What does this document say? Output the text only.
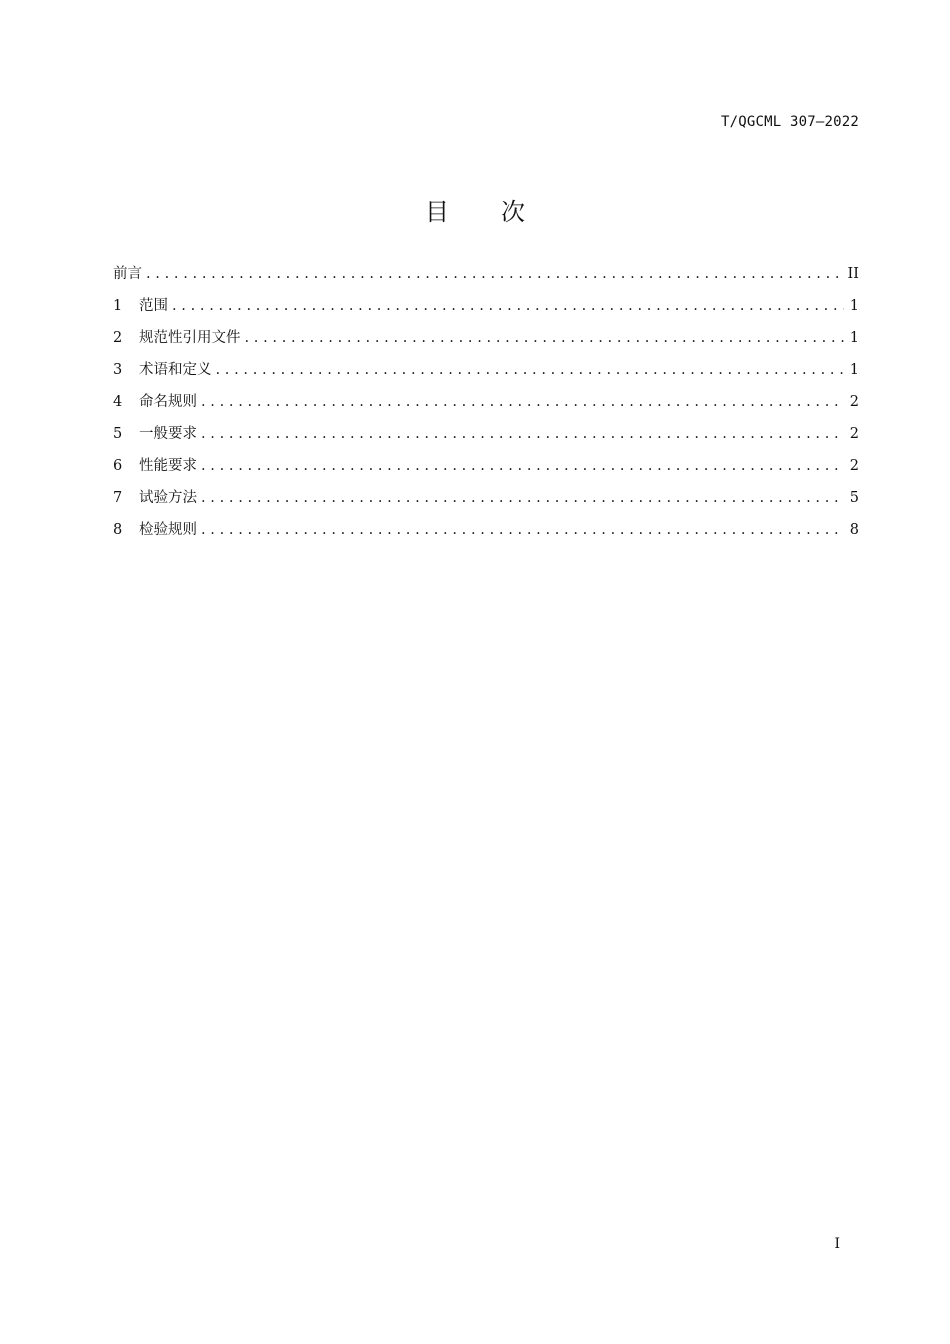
T/QGCML 307—2022
目次
前言 .....	II
1	范围 .....	1
2	规范性引用文件 .....	1
3	术语和定义 .....	1
4	命名规则 .....	2
5	一般要求 .....	2
6	性能要求 .....	2
7	试验方法 .....	5
8	检验规则 .....	8
I
